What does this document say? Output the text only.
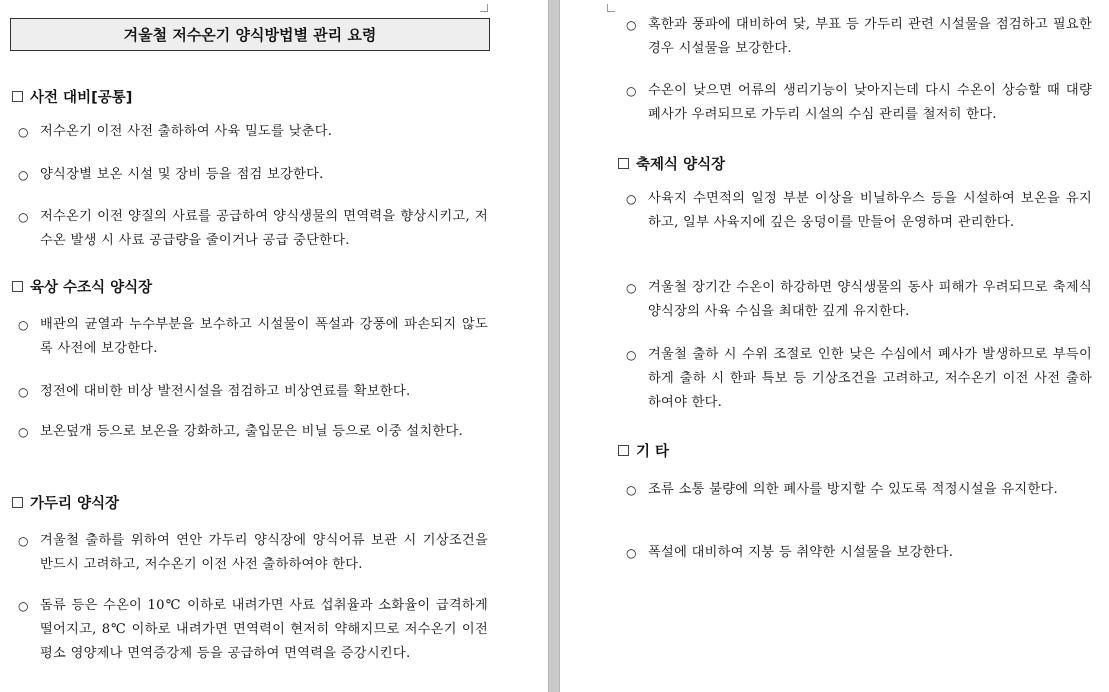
겨울철 저수온기 양식방법별 관리 요령
사전 대비[공통]
○ 저수온기 이전 사전 출하하여 사육 밀도를 낮춘다.
○ 양식장별 보온 시설 및 장비 등을 점검 보강한다.
○ 저수온기 이전 양질의 사료를 공급하여 양식생물의 면역력을 향상시키고, 저수온 발생 시 사료 공급량을 줄이거나 공급 중단한다.
육상 수조식 양식장
○ 배관의 균열과 누수부분을 보수하고 시설물이 폭설과 강풍에 파손되지 않도록 사전에 보강한다.
○ 정전에 대비한 비상 발전시설을 점검하고 비상연료를 확보한다.
○ 보온덮개 등으로 보온을 강화하고, 출입문은 비닐 등으로 이중 설치한다.
가두리 양식장
○ 겨울철 출하를 위하여 연안 가두리 양식장에 양식어류 보관 시 기상조건을 반드시 고려하고, 저수온기 이전 사전 출하하여야 한다.
○ 돔류 등은 수온이 10℃ 이하로 내려가면 사료 섭취율과 소화율이 급격하게 떨어지고, 8℃ 이하로 내려가면 면역력이 현저히 약해지므로 저수온기 이전 평소 영양제나 면역증강제 등을 공급하여 면역력을 증강시킨다.
○ 혹한과 풍파에 대비하여 닻, 부표 등 가두리 관련 시설물을 점검하고 필요한 경우 시설물을 보강한다.
○ 수온이 낮으면 어류의 생리기능이 낮아지는데 다시 수온이 상승할 때 대량폐사가 우려되므로 가두리 시설의 수심 관리를 철저히 한다.
축제식 양식장
○ 사육지 수면적의 일정 부분 이상을 비닐하우스 등을 시설하여 보온을 유지하고, 일부 사육지에 깊은 웅덩이를 만들어 운영하며 관리한다.
○ 겨울철 장기간 수온이 하강하면 양식생물의 동사 피해가 우려되므로 축제식 양식장의 사육 수심을 최대한 깊게 유지한다.
○ 겨울철 출하 시 수위 조절로 인한 낮은 수심에서 폐사가 발생하므로 부득이하게 출하 시 한파 특보 등 기상조건을 고려하고, 저수온기 이전 사전 출하하여야 한다.
기 타
○ 조류 소통 불량에 의한 폐사를 방지할 수 있도록 적정시설을 유지한다.
○ 폭설에 대비하여 지붕 등 취약한 시설물을 보강한다.
